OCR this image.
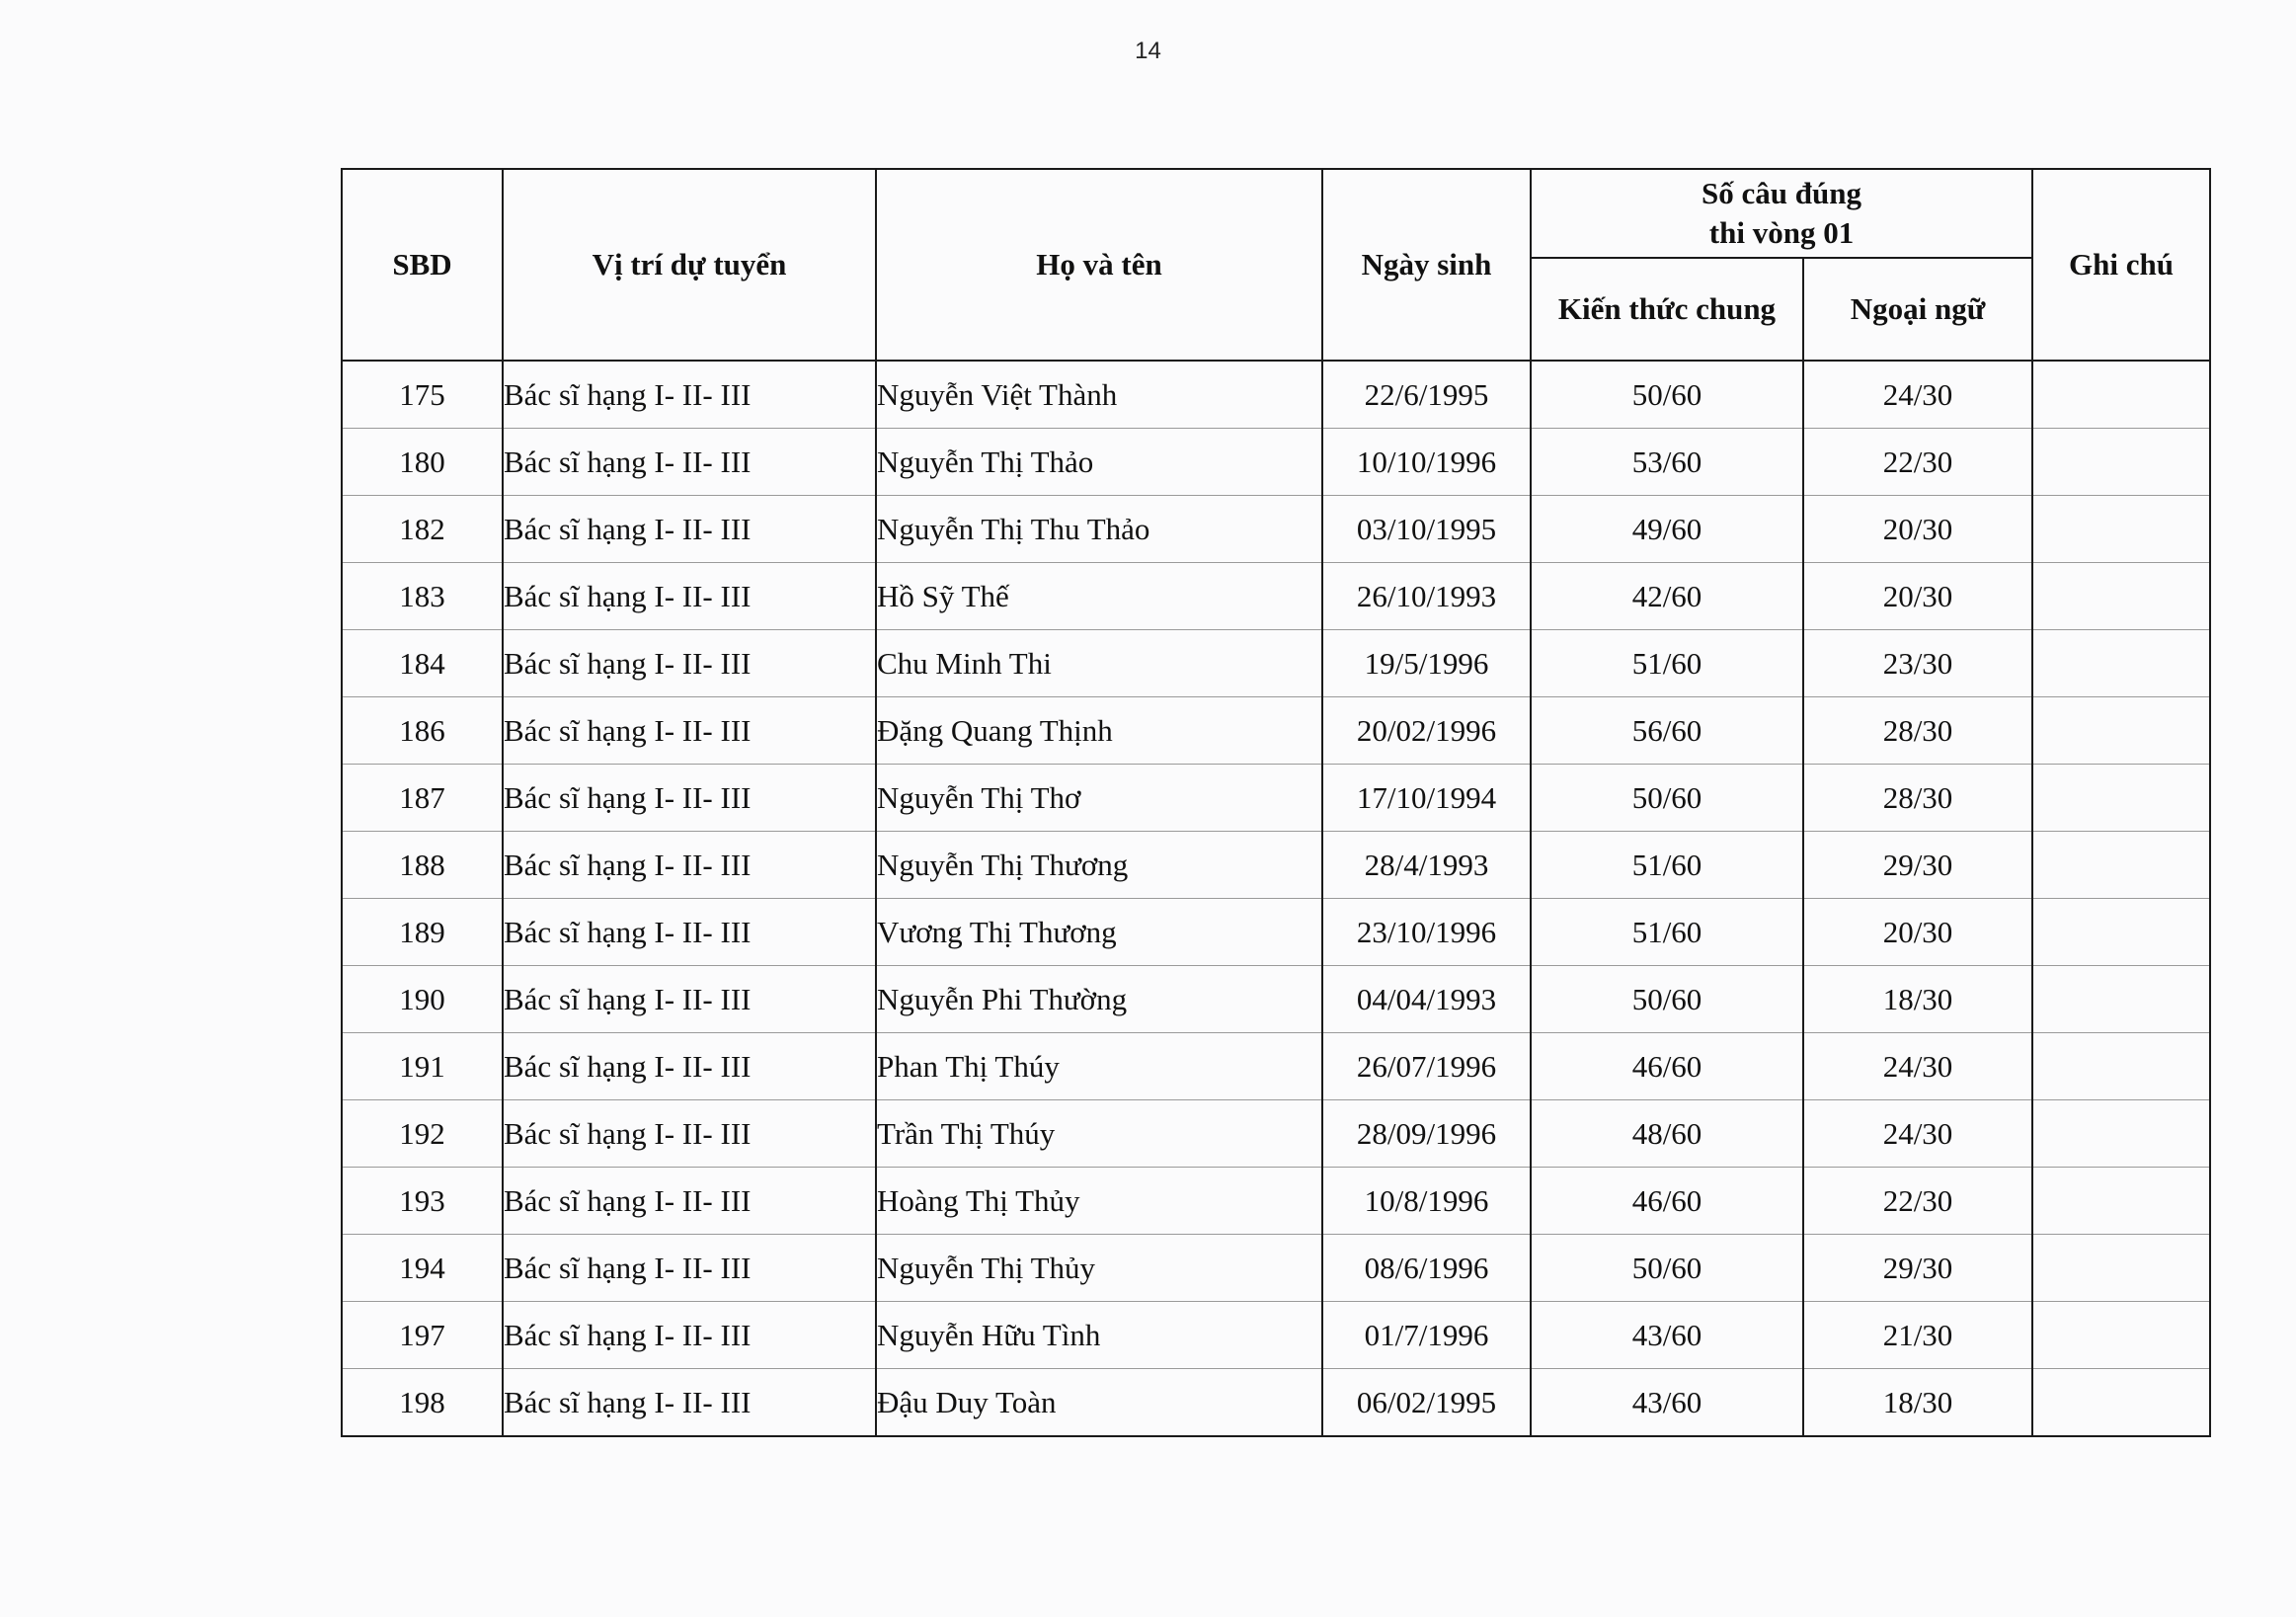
14
SBD	Vị trí dự tuyển	Họ và tên	Ngày sinh	Số câu đúng
thi vòng 01		Ghi chú
				Kiến thức chung	Ngoại ngữ	
175	Bác sĩ hạng I- II- III	Nguyễn Việt Thành	22/6/1995	50/60	24/30	
180	Bác sĩ hạng I- II- III	Nguyễn Thị Thảo	10/10/1996	53/60	22/30	
182	Bác sĩ hạng I- II- III	Nguyễn Thị Thu Thảo	03/10/1995	49/60	20/30	
183	Bác sĩ hạng I- II- III	Hồ Sỹ Thế	26/10/1993	42/60	20/30	
184	Bác sĩ hạng I- II- III	Chu Minh Thi	19/5/1996	51/60	23/30	
186	Bác sĩ hạng I- II- III	Đặng Quang Thịnh	20/02/1996	56/60	28/30	
187	Bác sĩ hạng I- II- III	Nguyễn Thị Thơ	17/10/1994	50/60	28/30	
188	Bác sĩ hạng I- II- III	Nguyễn Thị Thương	28/4/1993	51/60	29/30	
189	Bác sĩ hạng I- II- III	Vương Thị Thương	23/10/1996	51/60	20/30	
190	Bác sĩ hạng I- II- III	Nguyễn Phi Thường	04/04/1993	50/60	18/30	
191	Bác sĩ hạng I- II- III	Phan Thị Thúy	26/07/1996	46/60	24/30	
192	Bác sĩ hạng I- II- III	Trần Thị Thúy	28/09/1996	48/60	24/30	
193	Bác sĩ hạng I- II- III	Hoàng Thị Thủy	10/8/1996	46/60	22/30	
194	Bác sĩ hạng I- II- III	Nguyễn Thị Thủy	08/6/1996	50/60	29/30	
197	Bác sĩ hạng I- II- III	Nguyễn Hữu Tình	01/7/1996	43/60	21/30	
198	Bác sĩ hạng I- II- III	Đậu Duy Toàn	06/02/1995	43/60	18/30	
